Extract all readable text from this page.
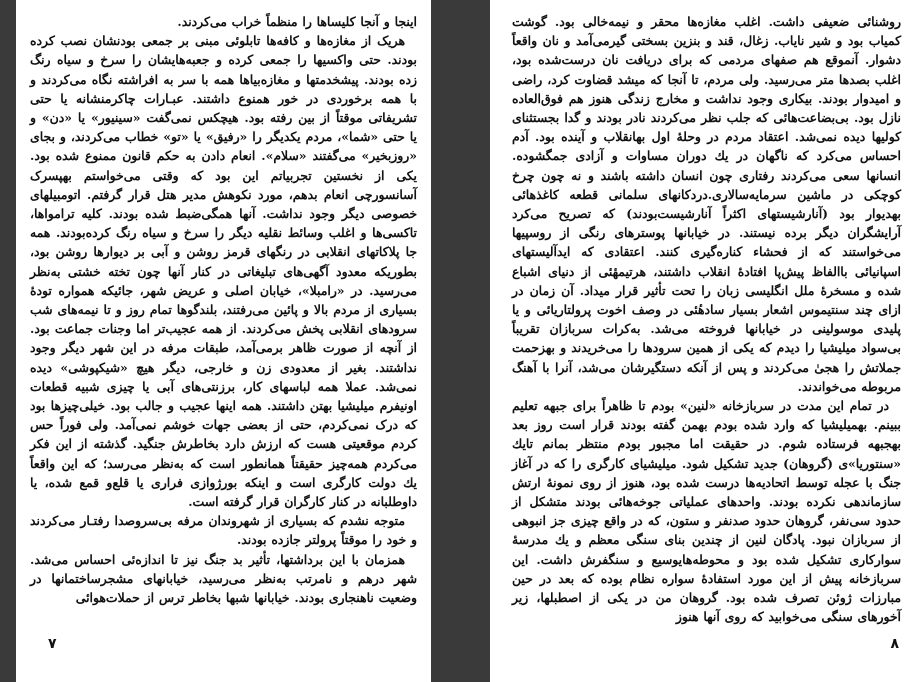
اینجا و آنجا کلیساها را منظماً خراب می‌کردند.

هریک از مغازه‌ها و کافه‌ها تابلوئی مبنی بر جمعی بودنشان نصب کرده بودند. حتی واکسیها را جمعی کرده و جعبه‌هایشان را سرخ و سیاه رنگ زده بودند. پیشخدمتها و مغازه‌بیاها همه با سر به افراشته نگاه می‌کردند و با همه برخوردی در خور همنوع داشتند. عبـارات چاکرمنشانه یا حتی تشریفاتی موقتاً از بین رفته بود. هیچکس نمی‌گفت «سینیور» یا «دن» و یا حتی «شما»، مردم یکدیگر را «رفیق» یا «تو» خطاب می‌کردند، و بجای «روزبخیر» می‌گفتند «سلام». انعام دادن به حکم قانون ممنوع شده بود. یکی از نخستین تجربیاتم این بود که وقتی می‌خواستم بهپسرک آسانسورچی انعام بدهم، مورد نکوهش مدیر هتل قرار گرفتم. اتومبیلهای خصوصی دیگر وجود نداشت. آنها همگی‌ضبط شده بودند. کلیه ترامواها، تاکسی‌ها و اغلب وسائط نقلیه دیگر را سرخ و سیاه رنگ کرده‌بودند. همه جا پلاکاتهای انقلابی در رنگهای قرمز روشن و آبی بر دیوارها روشن بود، بطوریکه معدود آگهی‌های تبلیغاتی در کنار آنها چون تخته خشتی به‌نظر می‌رسید. در «رامبلا»، خیابان اصلی و عریض شهر، جائیکه همواره تودهٔ بسیاری از مردم بالا و پائین می‌رفتند، بلندگوها تمام روز و تا نیمه‌های شب سرودهای انقلابی پخش می‌کردند. از همه عجیب‌تر اما وجنات جماعت بود. از آنچه از صورت ظاهر برمی‌آمد، طبقات مرفه در این شهر دیگر وجود نداشتند. بغیر از معدودی زن و خارجی، دیگر هیچ «شیکپوشی» دیده نمی‌شد. عملا همه لباسهای کار، برزنتی‌های آبی یا چیزی شبیه قطعات اونیفرم میلیشیا بهتن داشتند. همه اینها عجیب و جالب بود. خیلی‌چیزها بود که درک نمی‌کردم، حتی از بعضی جهات خوشم نمی‌آمد. ولی فوراً حس کردم موقعیتی هست که ارزش دارد بخاطرش جنگید. گذشته از این فکر می‌کردم همه‌چیز حقیقتاً همانطور است که به‌نظر می‌رسد؛ که این واقعاً یك دولت کارگری است و اینکه بورژوازی فراری یا قلع‌و قمع شده، یا داوطلبانه در کنار کارگران قرار گرفته است.

متوجه نشدم که بسیاری از شهروندان مرفه بی‌سروصدا رفتـار می‌کردند و خود را موقتاً پرولتر جازده بودند.

همزمان با این برداشتها، تأثیر بد جنگ نیز تا اندازه‌ئی احساس می‌شد. شهر درهم و نامرتب به‌نظر می‌رسید، خیابانهای مشجرساختمانها در وضعیت ناهنجاری بودند. خیابانها شبها بخاطر ترس از حملات‌هوائی

۷

روشنائی ضعیفی داشت. اغلب مغازه‌ها محقر و نیمه‌خالی بود. گوشت کمیاب بود و شیر نایاب. زغال، قند و بنزین بسختی گیرمی‌آمد و نان واقعاً دشوار. آنموقع هم صفهای مردمی که برای دریافت نان درست‌شده بود، اغلب بصدها متر می‌رسید. ولی مردم، تا آنجا که میشد قضاوت کرد، راضی و امیدوار بودند. بیکاری وجود نداشت و مخارج زندگی هنوز هم فوق‌العاده نازل بود. بی‌بضاعت‌هائی که جلب نظر می‌کردند نادر بودند و گدا بجستثنای کولیها دیده نمی‌شد. اعتقاد مردم در وحلهٔ اول بهانقلاب و آینده بود. آدم احساس می‌کرد که ناگهان در یك دوران مساوات و آزادی جمگشوده. انسانها سعی می‌کردند رفتاری چون انسان داشته باشند و نه چون چرخ کوچکی در ماشین سرمایه‌سالاری.دردکانهای سلمانی قطعه کاغذهائی بهدیوار بود (آنارشیستهای اکثراً آنارشیست‌بودند) که تصریح می‌کرد آرایشگران دیگر برده نیستند. در خیابانها پوسترهای رنگی از روسپیها می‌خواستند که از فحشاء کناره‌گیری کنند. اعتقادی که ایدآلیستهای اسپانیائی باالفاظ پیش‌پا افتادهٔ انقلاب داشتند، هرتیمهٔئی از دنیای اشباع شده و مسخرهٔ ملل انگلیسی زبان را تحت تأثیر قرار میداد. آن زمان در ازای چند سنتیموس اشعار بسیار سادهٔئی در وصف اخوت پرولتاریائی و یا پلیدی موسولینی در خیابانها فروخته می‌شد. به‌کرات سربازان تقریباً بی‌سواد میلیشیا را دیدم که یکی از همین سرودها را می‌خریدند و بهزحمت جملاتش را هجیٰ می‌کردند و پس از آنکه دستگیرشان می‌شد، آنرا با آهنگ مربوطه می‌خواندند.

در تمام این مدت در سربازخانه «لنین» بودم تا ظاهراً برای جبهه تعلیم ببینم. بهمیلیشیا که وارد شده بودم بهمن گفته بودند قرار است روز بعد بهجبهه فرستاده شوم. در حقیقت اما مجبور بودم منتظر بمانم تایك «سنتوریا»ی (گروهان) جدید تشکیل شود. میلیشیای کارگری را که در آغاز جنگ با عجله توسط اتحادیه‌ها درست شده بود، هنوز از روی نمونهٔ ارتش سازماندهی نکرده بودند. واحدهای عملیاتی جوخه‌هائی بودند متشکل از حدود سی‌نفر، گروهان حدود صدنفر و ستون، که در واقع چیزی جز انبوهی از سربازان نبود. پادگان لنین از چندین بنای سنگی معظم و یك مدرسهٔ سوارکاری تشکیل شده بود و محوطه‌هایوسیع و سنگفرش داشت. این سربازخانه پیش از این مورد استفادهٔ سواره نظام بوده که بعد در حین مبارزات ژوئن تصرف شده بود. گروهان من در یکی از اصطبلها، زیر آخورهای سنگی می‌خوابید که روی آنها هنوز

۸
